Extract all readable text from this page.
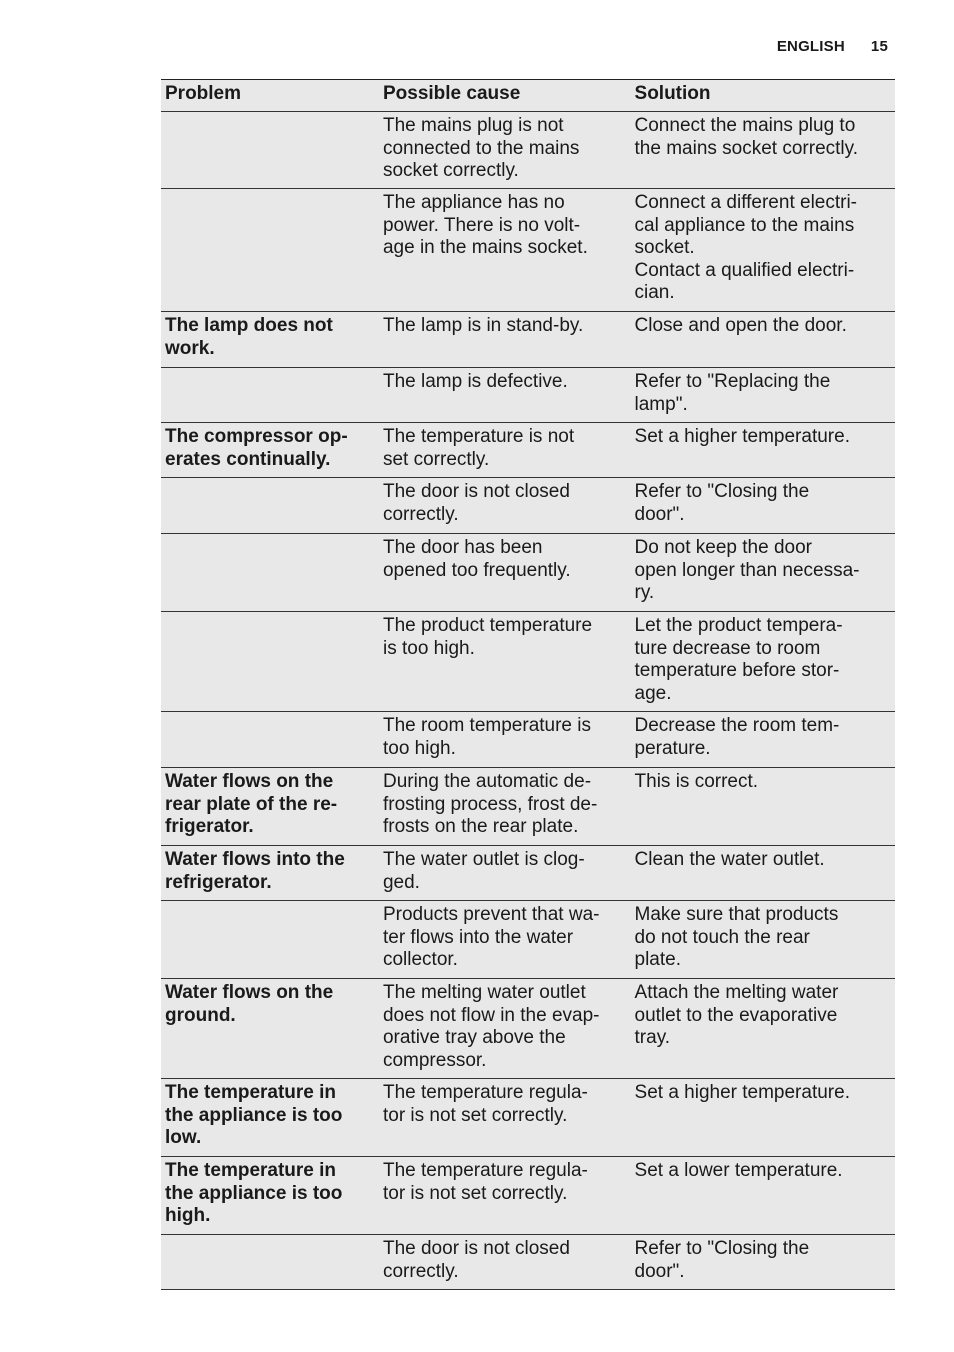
ENGLISH 15
Problem	Possible cause	Solution

	The mains plug is not
connected to the mains
socket correctly.	Connect the mains plug to
the mains socket correctly.

	The appliance has no
power. There is no volt-
age in the mains socket.	Connect a different electri-
cal appliance to the mains
socket.
Contact a qualified electri-
cian.

The lamp does not
work.	The lamp is in stand-by.	Close and open the door.

	The lamp is defective.	Refer to "Replacing the
lamp".

The compressor op-
erates continually.	The temperature is not
set correctly.	Set a higher temperature.

	The door is not closed
correctly.	Refer to "Closing the
door".

	The door has been
opened too frequently.	Do not keep the door
open longer than necessa-
ry.

	The product temperature
is too high.	Let the product tempera-
ture decrease to room
temperature before stor-
age.

	The room temperature is
too high.	Decrease the room tem-
perature.

Water flows on the
rear plate of the re-
frigerator.	During the automatic de-
frosting process, frost de-
frosts on the rear plate.	This is correct.

Water flows into the
refrigerator.	The water outlet is clog-
ged.	Clean the water outlet.

	Products prevent that wa-
ter flows into the water
collector.	Make sure that products
do not touch the rear
plate.

Water flows on the
ground.	The melting water outlet
does not flow in the evap-
orative tray above the
compressor.	Attach the melting water
outlet to the evaporative
tray.

The temperature in
the appliance is too
low.	The temperature regula-
tor is not set correctly.	Set a higher temperature.

The temperature in
the appliance is too
high.	The temperature regula-
tor is not set correctly.	Set a lower temperature.

	The door is not closed
correctly.	Refer to "Closing the
door".
